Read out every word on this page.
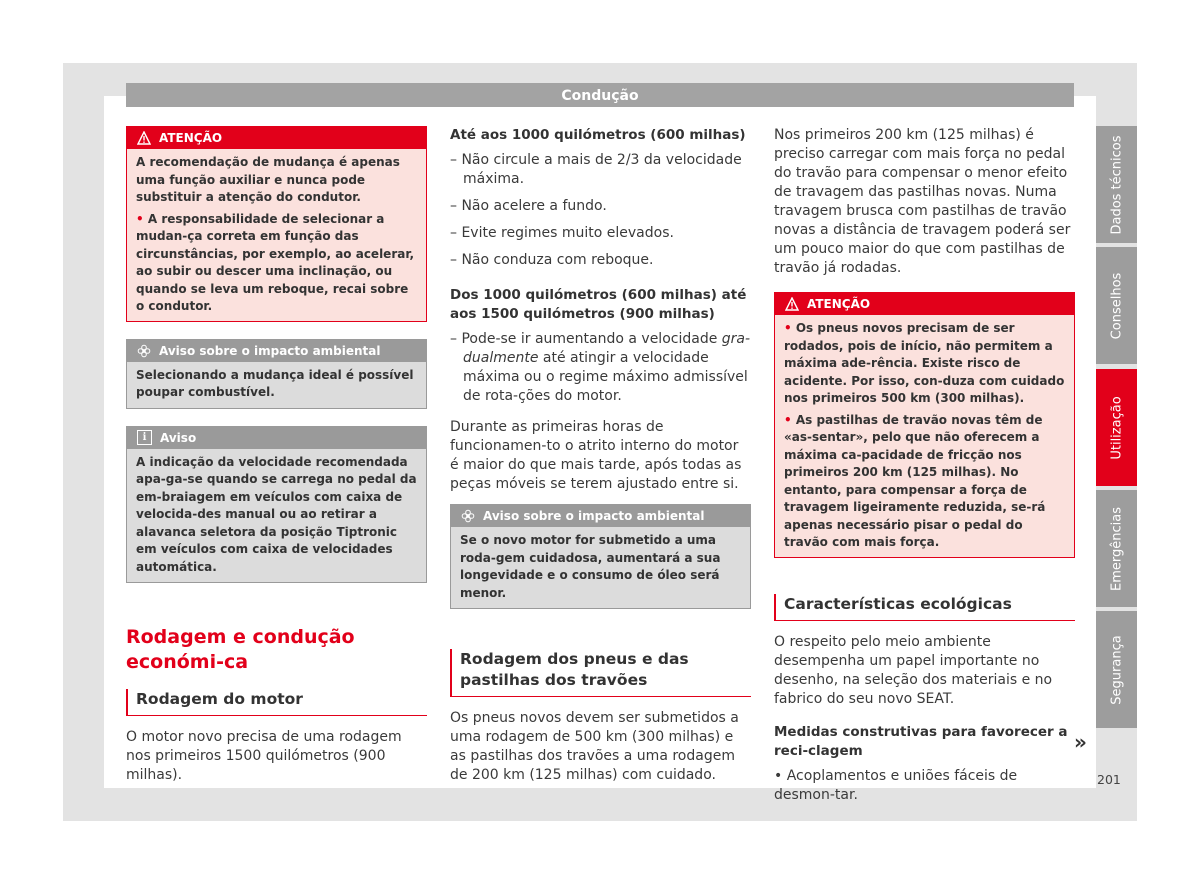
Condução
ATENÇÃO
A recomendação de mudança é apenas uma função auxiliar e nunca pode substituir a atenção do condutor.
• A responsabilidade de selecionar a mudan-ça correta em função das circunstâncias, por exemplo, ao acelerar, ao subir ou descer uma inclinação, ou quando se leva um reboque, recai sobre o condutor.
Aviso sobre o impacto ambiental
Selecionando a mudança ideal é possível poupar combustível.
i	Aviso
A indicação da velocidade recomendada apa-ga-se quando se carrega no pedal da em-braiagem em veículos com caixa de velocida-des manual ou ao retirar a alavanca seletora da posição Tiptronic em veículos com caixa de velocidades automática.
Rodagem e condução económi-ca
Rodagem do motor

O motor novo precisa de uma rodagem nos primeiros 1500 quilómetros (900 milhas).

Até aos 1000 quilómetros (600 milhas)
– Não circule a mais de 2/3 da velocidade máxima.
– Não acelere a fundo.
– Evite regimes muito elevados.
– Não conduza com reboque.
Dos 1000 quilómetros (600 milhas) até aos 1500 quilómetros (900 milhas)
– Pode-se ir aumentando a velocidade gra-dualmente até atingir a velocidade máxima ou o regime máximo admissível de rota-ções do motor.

Durante as primeiras horas de funcionamen-to o atrito interno do motor é maior do que mais tarde, após todas as peças móveis se terem ajustado entre si.

Aviso sobre o impacto ambiental
Se o novo motor for submetido a uma roda-gem cuidadosa, aumentará a sua longevidade e o consumo de óleo será menor.
Rodagem dos pneus e das pastilhas dos travões

Os pneus novos devem ser submetidos a uma rodagem de 500 km (300 milhas) e as pastilhas dos travões a uma rodagem de 200 km (125 milhas) com cuidado.

Nos primeiros 200 km (125 milhas) é preciso carregar com mais força no pedal do travão para compensar o menor efeito de travagem das pastilhas novas. Numa travagem brusca com pastilhas de travão novas a distância de travagem poderá ser um pouco maior do que com pastilhas de travão já rodadas.

ATENÇÃO
• Os pneus novos precisam de ser rodados, pois de início, não permitem a máxima ade-rência. Existe risco de acidente. Por isso, con-duza com cuidado nos primeiros 500 km (300 milhas).
• As pastilhas de travão novas têm de «as-sentar», pelo que não oferecem a máxima ca-pacidade de fricção nos primeiros 200 km (125 milhas). No entanto, para compensar a força de travagem ligeiramente reduzida, se-rá apenas necessário pisar o pedal do travão com mais força.
Características ecológicas

O respeito pelo meio ambiente desempenha um papel importante no desenho, na seleção dos materiais e no fabrico do seu novo SEAT.

Medidas construtivas para favorecer a reci-clagem
• Acoplamentos e uniões fáceis de desmon-tar.
»
Dados técnicos
Conselhos
Utilização
Emergências
Segurança
201
